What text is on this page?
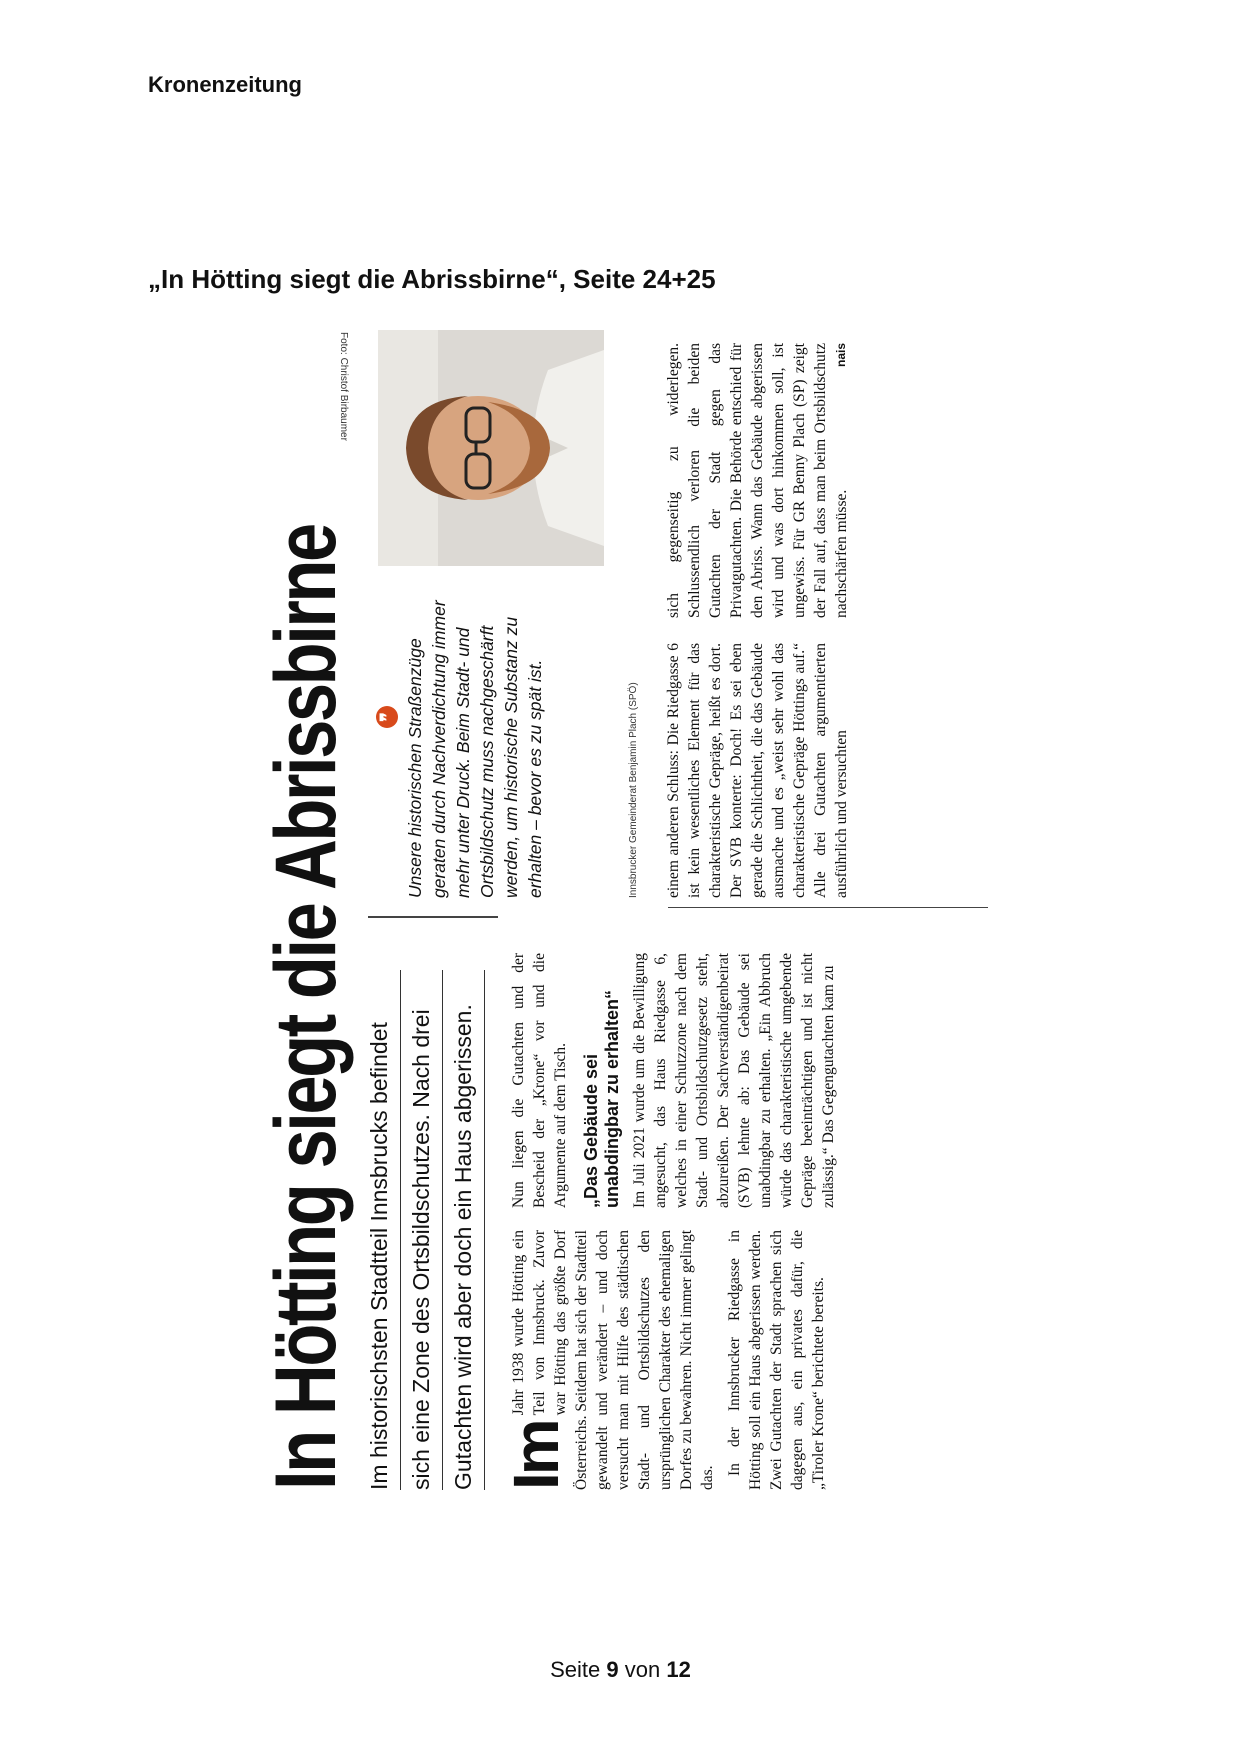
Kronenzeitung
„In Hötting siegt die Abrissbirne“, Seite 24+25
In Hötting siegt die Abrissbirne Im historischsten Stadtteil Innsbrucks befindet sich eine Zone des Ortsbildschutzes. Nach drei Gutachten wird aber doch ein Haus abgerissen. Im
Jahr 1938 wurde Hötting ein Teil von Innsbruck. Zuvor war Hötting das größte Dorf Österreichs. Seitdem hat sich der Stadtteil gewandelt und verändert – und doch versucht man mit Hilfe des städtischen Stadt- und Ortsbildschutzes den ursprünglichen Charakter des ehemaligen Dorfes zu bewahren. Nicht immer gelingt das.

In der Innsbrucker Riedgasse in Hötting soll ein Haus abgerissen werden. Zwei Gutachten der Stadt sprachen sich dagegen aus, ein privates dafür, die „Tiroler Krone“ berichtete bereits.

Nun liegen die Gutachten und der Bescheid der „Krone“ vor und die Argumente auf dem Tisch. „Das Gebäude sei unabdingbar zu erhalten“ Im Juli 2021 wurde um die Bewilligung angesucht, das Haus Riedgasse 6, welches in einer Schutzzone nach dem Stadt- und Ortsbildschutzgesetz steht, abzureißen. Der Sachverständigenbeirat (SVB) lehnte ab: Das Gebäude sei unabdingbar zu erhalten. „Ein Abbruch würde das charakteristische umgebende Gepräge beeinträchtigen und ist nicht zulässig.“ Das Gegengutachten kam zu

❞ Unsere historischen Straßenzüge geraten durch Nachverdichtung immer mehr unter Druck. Beim Stadt- und Ortsbildschutz muss nachgeschärft werden, um historische Substanz zu erhalten – bevor es zu spät ist.	Innsbrucker Gemeinderat Benjamin Plach (SPÖ)
Foto: Christof Birbaumer

einem anderen Schluss: Die Riedgasse 6 ist kein wesentliches Element für das charakteristische Gepräge, heißt es dort. Der SVB konterte: Doch! Es sei eben gerade die Schlichtheit, die das Gebäude ausmache und es „weist sehr wohl das charakteristische Gepräge Höttings auf.“ Alle drei Gutachten argumentierten ausführlich und versuchten

sich gegenseitig zu widerlegen. Schlussendlich verloren die beiden Gutachten der Stadt gegen das Privatgutachten. Die Behörde entschied für den Abriss. Wann das Gebäude abgerissen wird und was dort hinkommen soll, ist ungewiss. Für GR Benny Plach (SP) zeigt der Fall auf, dass man beim Ortsbildschutz nachschärfen müsse.
nais

Seite 9 von 12
